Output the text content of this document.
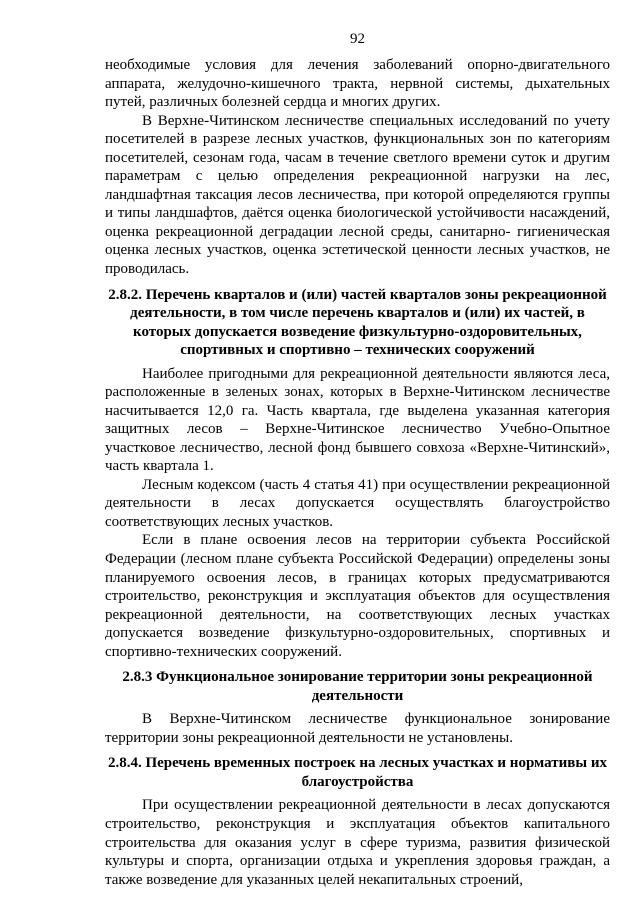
92

необходимые условия для лечения заболеваний опорно-двигательного аппарата, желудочно-кишечного тракта, нервной системы, дыхательных путей, различных болезней сердца и многих других.

В Верхне-Читинском лесничестве специальных исследований по учету посетителей в разрезе лесных участков, функциональных зон по категориям посетителей, сезонам года, часам в течение светлого времени суток и другим параметрам с целью определения рекреационной нагрузки на лес, ландшафтная таксация лесов лесничества, при которой определяются группы и типы ландшафтов, даётся оценка биологической устойчивости насаждений, оценка рекреационной деградации лесной среды, санитарно- гигиеническая оценка лесных участков, оценка эстетической ценности лесных участков, не проводилась.

2.8.2. Перечень кварталов и (или) частей кварталов зоны рекреационной деятельности, в том числе перечень кварталов и (или) их частей, в которых допускается возведение физкультурно-оздоровительных, спортивных и спортивно – технических сооружений

Наиболее пригодными для рекреационной деятельности являются леса, расположенные в зеленых зонах, которых в Верхне-Читинском лесничестве насчитывается 12,0 га. Часть квартала, где выделена указанная категория защитных лесов – Верхне-Читинское лесничество Учебно-Опытное участковое лесничество, лесной фонд бывшего совхоза «Верхне-Читинский», часть квартала 1.

Лесным кодексом (часть 4 статья 41) при осуществлении рекреационной деятельности в лесах допускается осуществлять благоустройство соответствующих лесных участков.

Если в плане освоения лесов на территории субъекта Российской Федерации (лесном плане субъекта Российской Федерации) определены зоны планируемого освоения лесов, в границах которых предусматриваются строительство, реконструкция и эксплуатация объектов для осуществления рекреационной деятельности, на соответствующих лесных участках допускается возведение физкультурно-оздоровительных, спортивных и спортивно-технических сооружений.

2.8.3 Функциональное зонирование территории зоны рекреационной деятельности

В Верхне-Читинском лесничестве функциональное зонирование территории зоны рекреационной деятельности не установлены.

2.8.4. Перечень временных построек на лесных участках и нормативы их благоустройства

При осуществлении рекреационной деятельности в лесах допускаются строительство, реконструкция и эксплуатация объектов капитального строительства для оказания услуг в сфере туризма, развития физической культуры и спорта, организации отдыха и укрепления здоровья граждан, а также возведение для указанных целей некапитальных строений,
